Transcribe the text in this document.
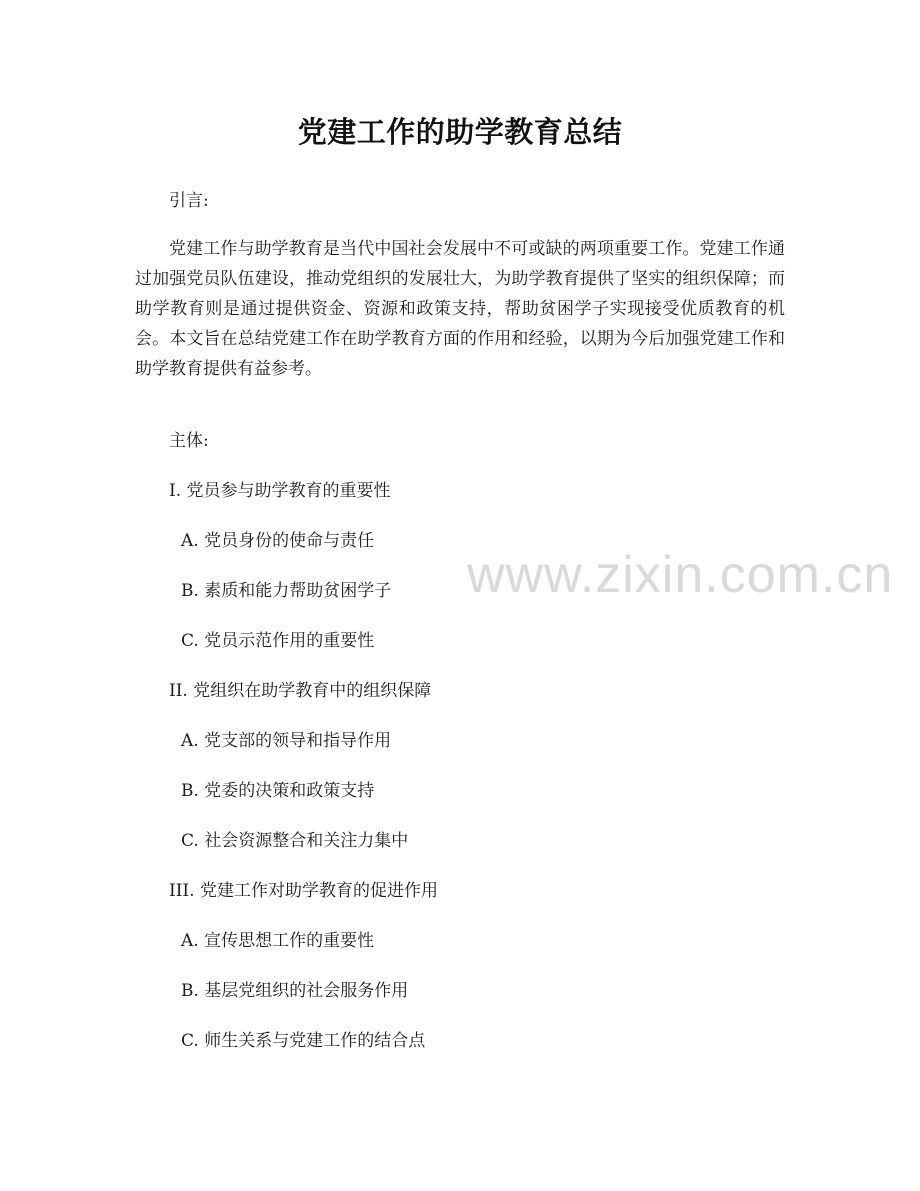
党建工作的助学教育总结
引言:
党建工作与助学教育是当代中国社会发展中不可或缺的两项重要工作。党建工作通过加强党员队伍建设，推动党组织的发展壮大，为助学教育提供了坚实的组织保障；而助学教育则是通过提供资金、资源和政策支持，帮助贫困学子实现接受优质教育的机会。本文旨在总结党建工作在助学教育方面的作用和经验，以期为今后加强党建工作和助学教育提供有益参考。
主体:
I. 党员参与助学教育的重要性
A. 党员身份的使命与责任
B. 素质和能力帮助贫困学子
C. 党员示范作用的重要性
II. 党组织在助学教育中的组织保障
A. 党支部的领导和指导作用
B. 党委的决策和政策支持
C. 社会资源整合和关注力集中
III. 党建工作对助学教育的促进作用
A. 宣传思想工作的重要性
B. 基层党组织的社会服务作用
C. 师生关系与党建工作的结合点
www.zixin.com.cn
